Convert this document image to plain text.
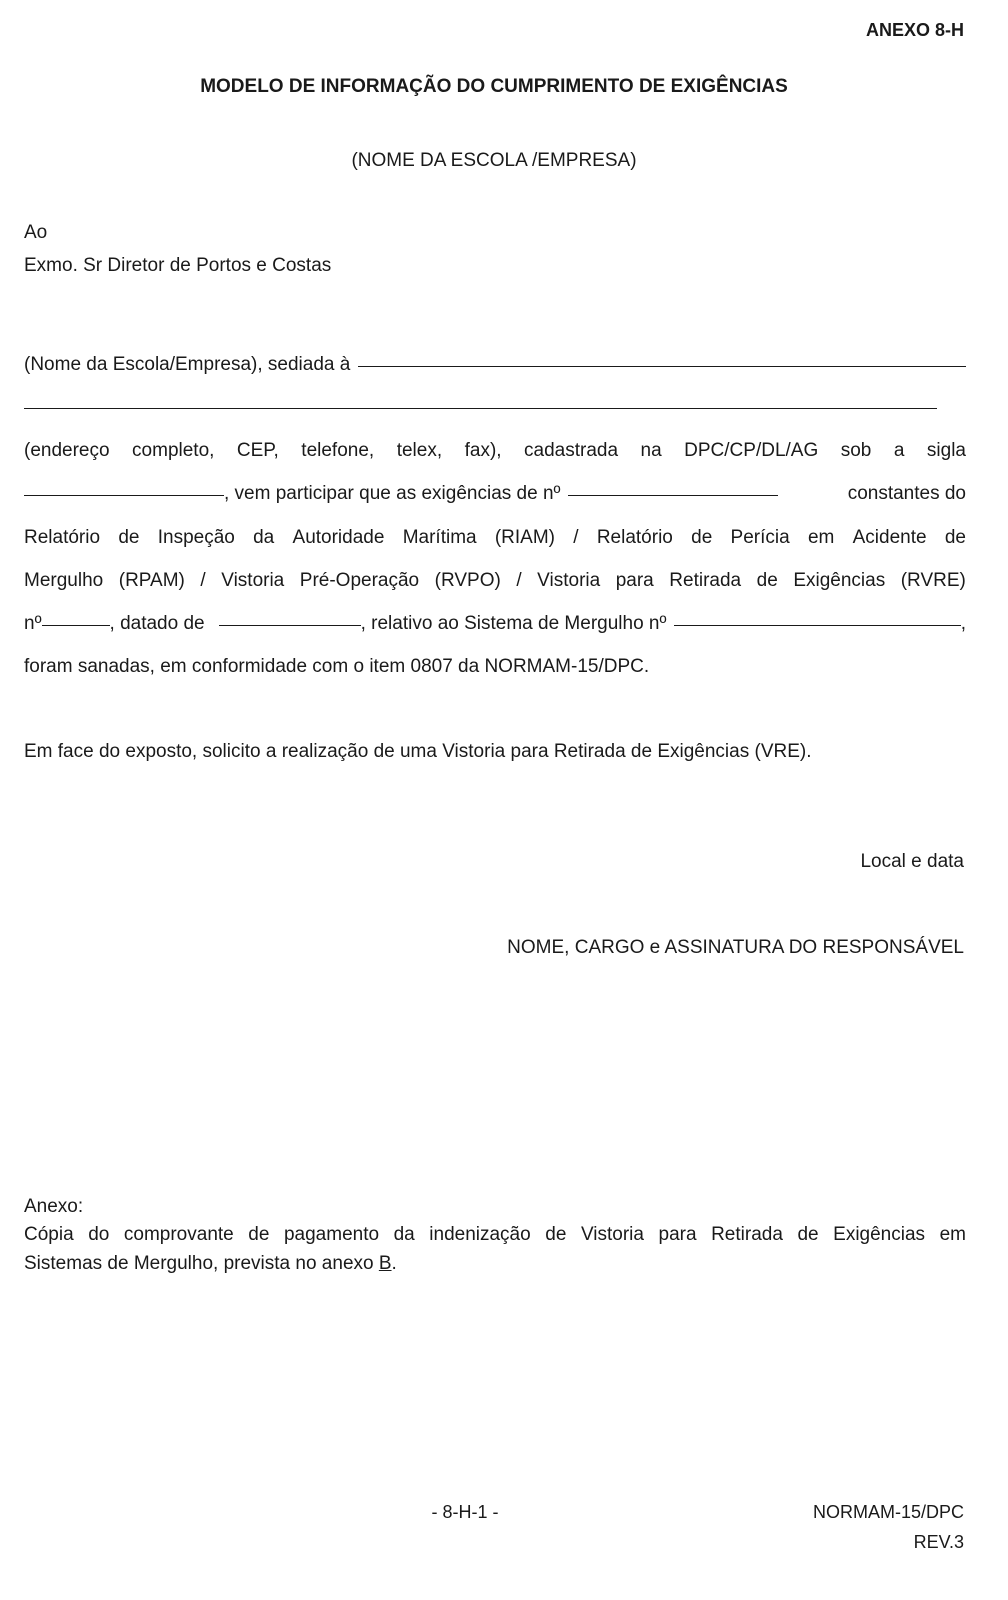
ANEXO 8-H
MODELO DE INFORMAÇÃO DO CUMPRIMENTO DE EXIGÊNCIAS
(NOME DA ESCOLA /EMPRESA)
Ao
Exmo. Sr Diretor de Portos e Costas
(Nome da Escola/Empresa), sediada à
(endereço completo, CEP, telefone, telex, fax), cadastrada na DPC/CP/DL/AG sob a sigla
, vem participar que as exigências de nº	constantes do
Relatório de Inspeção da Autoridade Marítima (RIAM) / Relatório de Perícia em Acidente de
Mergulho (RPAM) / Vistoria Pré-Operação (RVPO) / Vistoria para Retirada de Exigências (RVRE)
nº	, datado de	, relativo ao Sistema de Mergulho nº	,
foram sanadas, em conformidade com o item 0807 da NORMAM-15/DPC.
Em face do exposto, solicito a realização de uma Vistoria para Retirada de Exigências (VRE).
Local e data
NOME, CARGO e ASSINATURA DO RESPONSÁVEL
Anexo:
Cópia do comprovante de pagamento da indenização de Vistoria para Retirada de Exigências em
Sistemas de Mergulho, prevista no anexo B.
- 8-H-1 -	NORMAM-15/DPC
REV.3
